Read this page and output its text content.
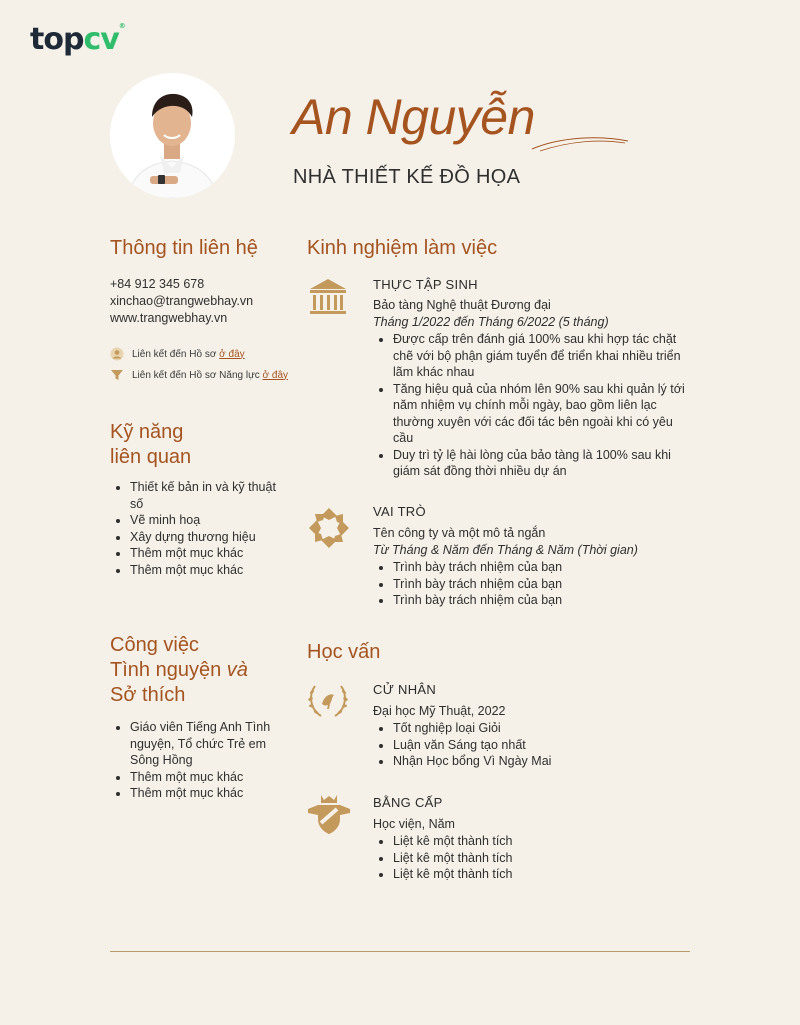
topcv®
An Nguyễn
NHÀ THIẾT KẾ ĐỒ HỌA
Thông tin liên hệ
+84 912 345 678
xinchao@trangwebhay.vn
www.trangwebhay.vn
Liên kết đến Hồ sơ
ở đây
Liên kết đến Hồ sơ Năng lực
ở đây
Kỹ năng
liên quan
• Thiết kế bản in và kỹ thuật số
• Vẽ minh hoạ
• Xây dựng thương hiệu
• Thêm một mục khác
• Thêm một mục khác
Công việc
Tình nguyện và
Sở thích
• Giáo viên Tiếng Anh Tình nguyện, Tổ chức Trẻ em Sông Hồng
• Thêm một mục khác
• Thêm một mục khác
Kinh nghiệm làm việc
THỰC TẬP SINH
Bảo tàng Nghệ thuật Đương đại
Tháng 1/2022 đến Tháng 6/2022 (5 tháng)
• Được cấp trên đánh giá 100% sau khi hợp tác chặt chẽ với bộ phận giám tuyển để triển khai nhiều triển lãm khác nhau
• Tăng hiệu quả của nhóm lên 90% sau khi quản lý tới năm nhiệm vụ chính mỗi ngày, bao gồm liên lạc thường xuyên với các đối tác bên ngoài khi có yêu cầu
• Duy trì tỷ lệ hài lòng của bảo tàng là 100% sau khi giám sát đồng thời nhiều dự án
VAI TRÒ
Tên công ty và một mô tả ngắn
Từ Tháng & Năm đến Tháng & Năm (Thời gian)
• Trình bày trách nhiệm của bạn
• Trình bày trách nhiệm của bạn
• Trình bày trách nhiệm của bạn
Học vấn
CỬ NHÂN
Đại học Mỹ Thuật, 2022
• Tốt nghiệp loại Giỏi
• Luận văn Sáng tạo nhất
• Nhận Học bổng Vì Ngày Mai
BẰNG CẤP
Học viện, Năm
• Liệt kê một thành tích
• Liệt kê một thành tích
• Liệt kê một thành tích
